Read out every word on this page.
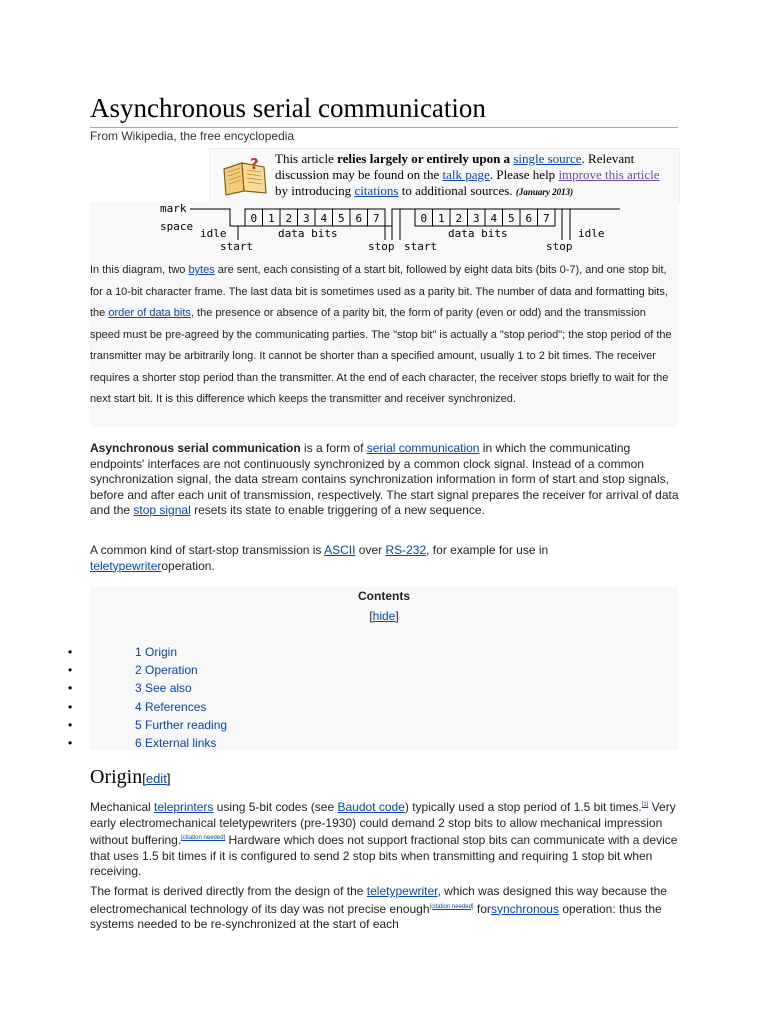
Asynchronous serial communication
From Wikipedia, the free encyclopedia
? This article relies largely or entirely upon a single source. Relevant discussion may be found on the talk page. Please help improve this article by introducing citations to additional sources. (January 2013)
mark
space
0 1 2 3 4 5 6 7	0 1 2 3 4 5 6 7
idle
start
data bits
stop start
data bits
stop
idle
In this diagram, two bytes are sent, each consisting of a start bit, followed by eight data bits (bits 0-7), and one stop bit, for a 10-bit character frame. The last data bit is sometimes used as a parity bit. The number of data and formatting bits, the order of data bits, the presence or absence of a parity bit, the form of parity (even or odd) and the transmission speed must be pre-agreed by the communicating parties. The "stop bit" is actually a "stop period"; the stop period of the transmitter may be arbitrarily long. It cannot be shorter than a specified amount, usually 1 to 2 bit times. The receiver requires a shorter stop period than the transmitter. At the end of each character, the receiver stops briefly to wait for the next start bit. It is this difference which keeps the transmitter and receiver synchronized.
Asynchronous serial communication is a form of serial communication in which the communicating endpoints' interfaces are not continuously synchronized by a common clock signal. Instead of a common synchronization signal, the data stream contains synchronization information in form of start and stop signals, before and after each unit of transmission, respectively. The start signal prepares the receiver for arrival of data and the stop signal resets its state to enable triggering of a new sequence.
A common kind of start-stop transmission is ASCII over RS-232, for example for use in teletypewriteroperation.
Contents
[hide]
•	1 Origin
•	2 Operation
•	3 See also
•	4 References
•	5 Further reading
•	6 External links
Origin[edit]
Mechanical teleprinters using 5-bit codes (see Baudot code) typically used a stop period of 1.5 bit times.[1] Very early electromechanical teletypewriters (pre-1930) could demand 2 stop bits to allow mechanical impression without buffering.[citation needed] Hardware which does not support fractional stop bits can communicate with a device that uses 1.5 bit times if it is configured to send 2 stop bits when transmitting and requiring 1 stop bit when receiving.
The format is derived directly from the design of the teletypewriter, which was designed this way because the electromechanical technology of its day was not precise enough[citation needed] forsynchronous operation: thus the systems needed to be re-synchronized at the start of each
